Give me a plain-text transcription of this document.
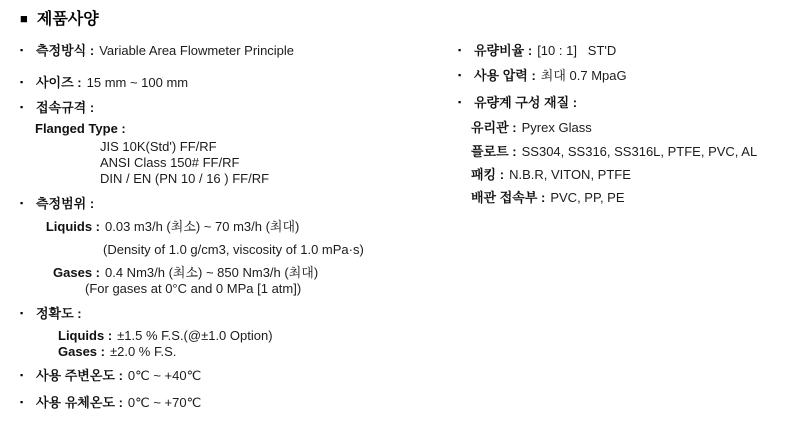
■ 제품사양
▪ 측정방식 : Variable Area Flowmeter Principle
▪ 사이즈 : 15 mm ~ 100 mm
▪ 접속규격 :
Flanged Type :
JIS 10K(Std') FF/RF
ANSI Class 150# FF/RF
DIN / EN (PN 10 / 16 ) FF/RF
▪ 측정범위 :
Liquids : 0.03 m3/h (최소) ~ 70 m3/h (최대)
(Density of 1.0 g/cm3, viscosity of 1.0 mPa·s)
Gases : 0.4 Nm3/h (최소) ~ 850 Nm3/h (최대)
(For gases at 0°C and 0 MPa [1 atm])
▪ 정확도 :
Liquids : ±1.5 % F.S.(@±1.0 Option)
Gases : ±2.0 % F.S.
▪ 사용 주변온도 : 0℃ ~ +40℃
▪ 사용 유체온도 : 0℃ ~ +70℃
▪ 유량비율 : [10 : 1]   ST'D
▪ 사용 압력 : 최대 0.7 MpaG
▪ 유량계 구성 재질 :
유리관 : Pyrex Glass
플로트 : SS304, SS316, SS316L, PTFE, PVC, AL
패킹 : N.B.R, VITON, PTFE
배관 접속부 : PVC, PP, PE
